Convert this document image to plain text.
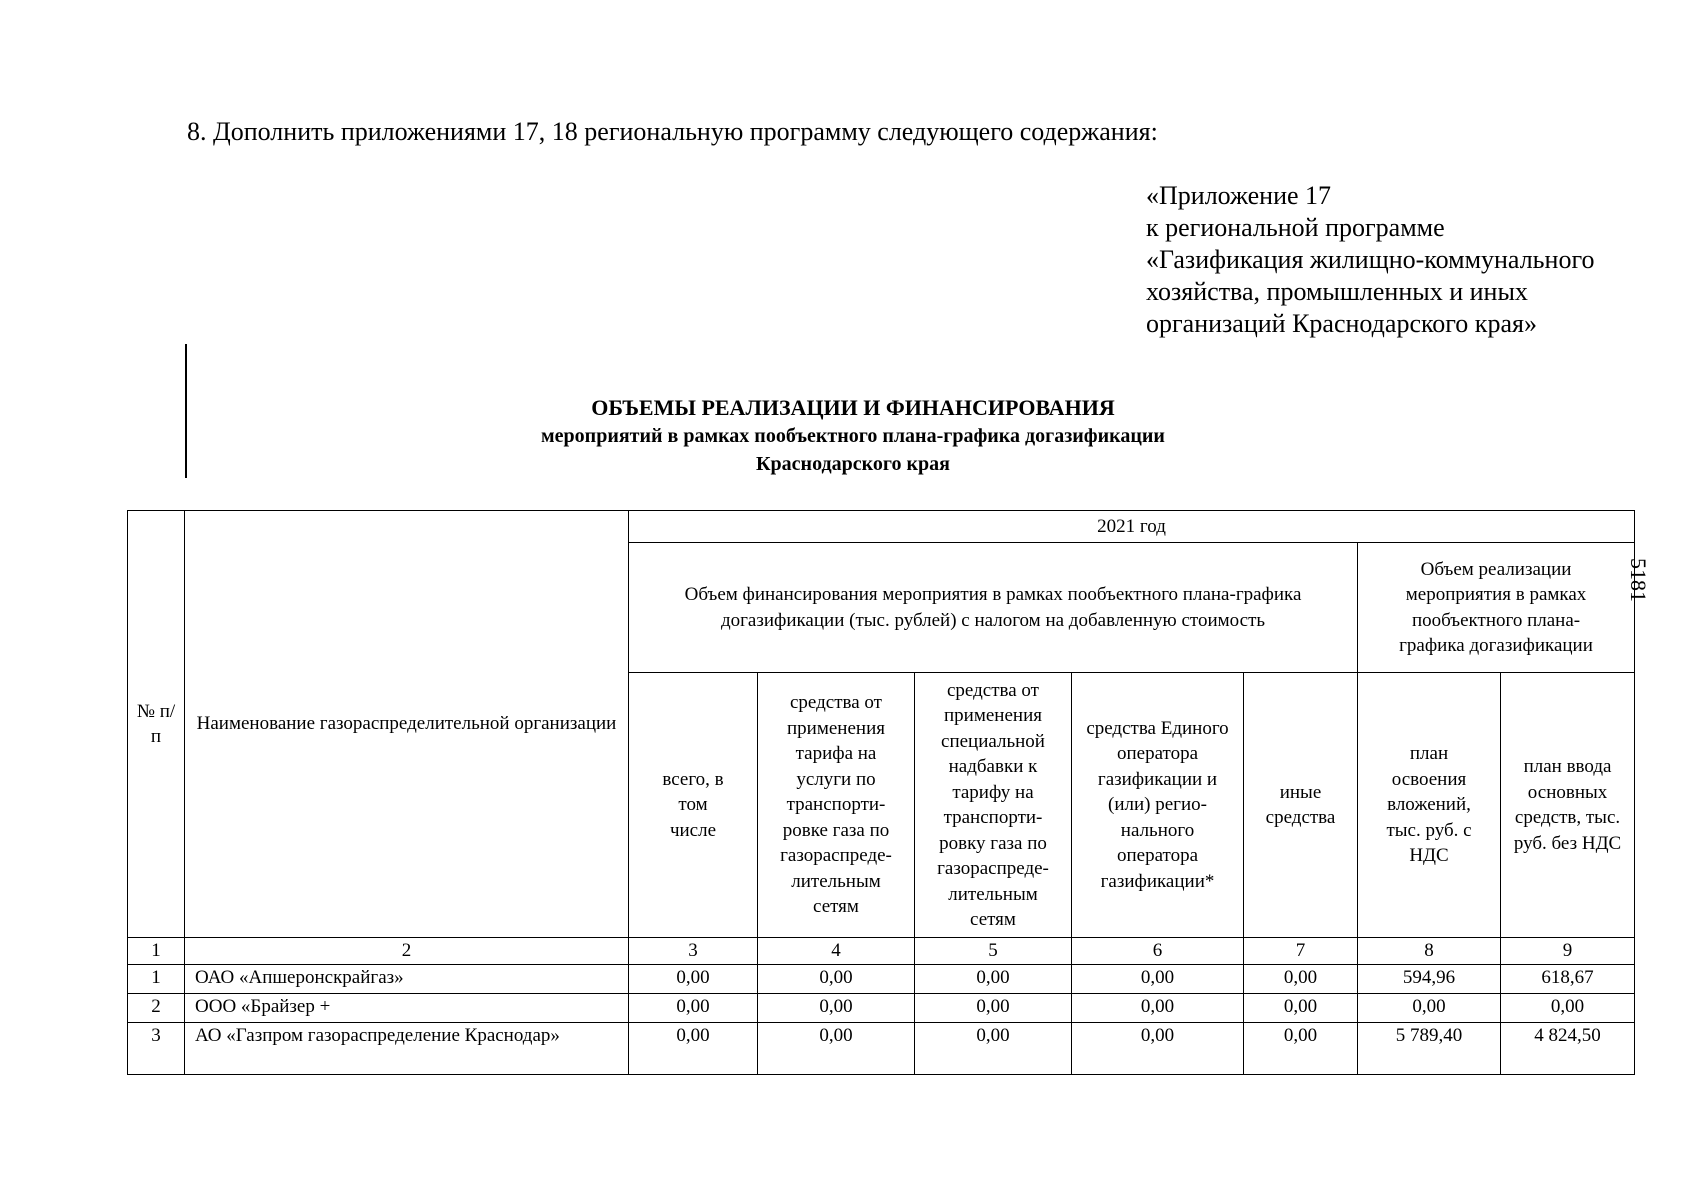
8. Дополнить приложениями 17, 18 региональную программу следующего содержания:
«Приложение 17
к региональной программе
«Газификация жилищно-коммунального
хозяйства, промышленных и иных
организаций Краснодарского края»
ОБЪЕМЫ РЕАЛИЗАЦИИ И ФИНАНСИРОВАНИЯ
мероприятий в рамках пообъектного плана-графика догазификации
Краснодарского края
5181
№ п/п	Наименование газораспределительной организации	2021 год						
		Объем финансирования мероприятия в рамках пообъектного плана-графика догазификации (тыс. рублей) с налогом на добавленную стоимость					Объем реализации мероприятия в рамках пообъектного плана-графика догазификации	
		всего, в том числе	средства от применения тарифа на услуги по транспорти-ровке газа по газораспреде-лительным сетям	средства от применения специальной надбавки к тарифу на транспорти-ровку газа по газораспреде-лительным сетям	средства Единого оператора газификации и (или) регио-нального оператора газификации*	иные средства	план освоения вложений, тыс. руб. с НДС	план ввода основных средств, тыс. руб. без НДС
1	2	3	4	5	6	7	8	9
1	ОАО «Апшеронскрайгаз»	0,00	0,00	0,00	0,00	0,00	594,96	618,67
2	ООО «Брайзер +	0,00	0,00	0,00	0,00	0,00	0,00	0,00
3	АО «Газпром газораспределение Краснодар»	0,00	0,00	0,00	0,00	0,00	5 789,40	4 824,50
